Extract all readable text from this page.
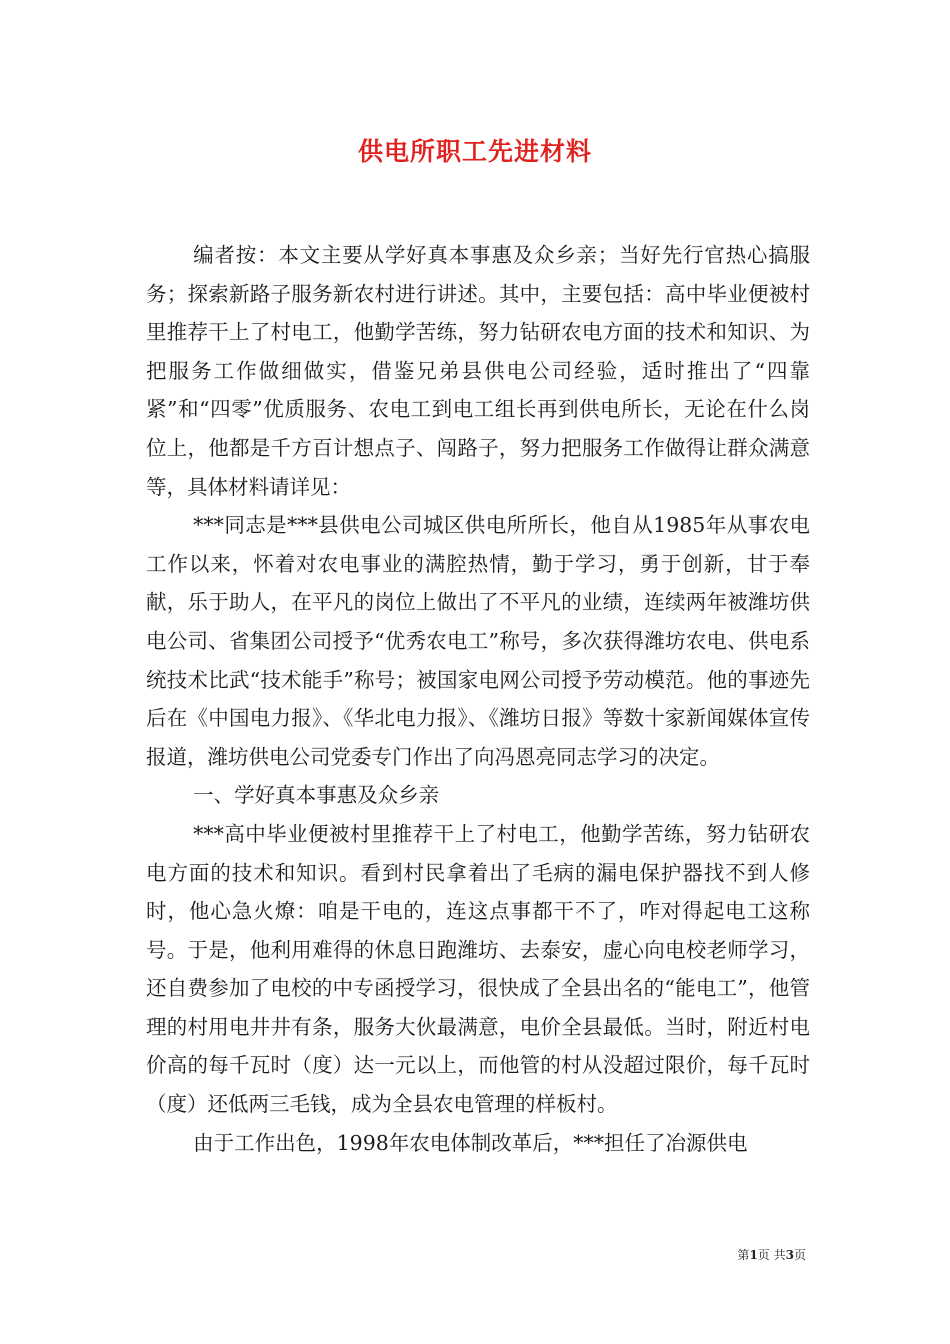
供电所职工先进材料

编者按：本文主要从学好真本事惠及众乡亲；当好先行官热心搞服务；探索新路子服务新农村进行讲述。其中，主要包括：高中毕业便被村里推荐干上了村电工，他勤学苦练，努力钻研农电方面的技术和知识、为把服务工作做细做实，借鉴兄弟县供电公司经验，适时推出了“四靠紧”和“四零”优质服务、农电工到电工组长再到供电所长，无论在什么岗位上，他都是千方百计想点子、闯路子，努力把服务工作做得让群众满意等，具体材料请详见：

***同志是***县供电公司城区供电所所长，他自从1985年从事农电工作以来，怀着对农电事业的满腔热情，勤于学习，勇于创新，甘于奉献，乐于助人，在平凡的岗位上做出了不平凡的业绩，连续两年被潍坊供电公司、省集团公司授予“优秀农电工”称号，多次获得潍坊农电、供电系统技术比武“技术能手”称号；被国家电网公司授予劳动模范。他的事迹先后在《中国电力报》、《华北电力报》、《潍坊日报》等数十家新闻媒体宣传报道，潍坊供电公司党委专门作出了向冯恩亮同志学习的决定。

一、学好真本事惠及众乡亲

***高中毕业便被村里推荐干上了村电工，他勤学苦练，努力钻研农电方面的技术和知识。看到村民拿着出了毛病的漏电保护器找不到人修时，他心急火燎：咱是干电的，连这点事都干不了，咋对得起电工这称号。于是，他利用难得的休息日跑潍坊、去泰安，虚心向电校老师学习，还自费参加了电校的中专函授学习，很快成了全县出名的“能电工”，他管理的村用电井井有条，服务大伙最满意，电价全县最低。当时，附近村电价高的每千瓦时（度）达一元以上，而他管的村从没超过限价，每千瓦时（度）还低两三毛钱，成为全县农电管理的样板村。

由于工作出色，1998年农电体制改革后，***担任了冶源供电

第1页 共3页
